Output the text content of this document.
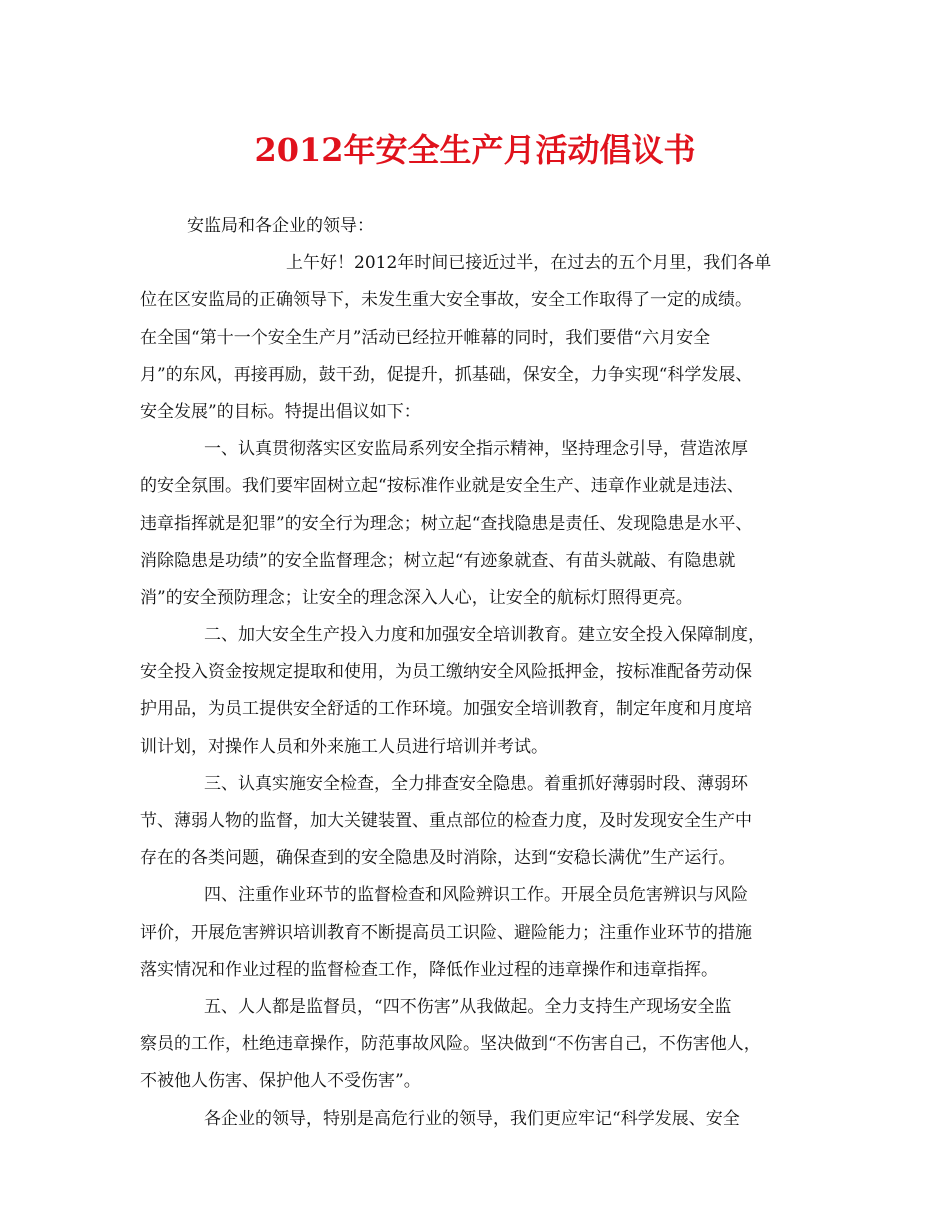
2012年安全生产月活动倡议书
安监局和各企业的领导：
上午好！2012年时间已接近过半，在过去的五个月里，我们各单
位在区安监局的正确领导下，未发生重大安全事故，安全工作取得了一定的成绩。
在全国“第十一个安全生产月”活动已经拉开帷幕的同时，我们要借“六月安全
月”的东风，再接再励，鼓干劲，促提升，抓基础，保安全，力争实现“科学发展、
安全发展”的目标。特提出倡议如下：
一、认真贯彻落实区安监局系列安全指示精神，坚持理念引导，营造浓厚
的安全氛围。我们要牢固树立起“按标准作业就是安全生产、违章作业就是违法、
违章指挥就是犯罪”的安全行为理念；树立起“查找隐患是责任、发现隐患是水平、
消除隐患是功绩”的安全监督理念；树立起“有迹象就查、有苗头就敲、有隐患就
消”的安全预防理念；让安全的理念深入人心，让安全的航标灯照得更亮。
二、加大安全生产投入力度和加强安全培训教育。建立安全投入保障制度，
安全投入资金按规定提取和使用，为员工缴纳安全风险抵押金，按标准配备劳动保
护用品，为员工提供安全舒适的工作环境。加强安全培训教育，制定年度和月度培
训计划，对操作人员和外来施工人员进行培训并考试。
三、认真实施安全检查，全力排查安全隐患。着重抓好薄弱时段、薄弱环
节、薄弱人物的监督，加大关键装置、重点部位的检查力度，及时发现安全生产中
存在的各类问题，确保查到的安全隐患及时消除，达到“安稳长满优”生产运行。
四、注重作业环节的监督检查和风险辨识工作。开展全员危害辨识与风险
评价，开展危害辨识培训教育不断提高员工识险、避险能力；注重作业环节的措施
落实情况和作业过程的监督检查工作，降低作业过程的违章操作和违章指挥。
五、人人都是监督员，“四不伤害”从我做起。全力支持生产现场安全监
察员的工作，杜绝违章操作，防范事故风险。坚决做到“不伤害自己，不伤害他人，
不被他人伤害、保护他人不受伤害”。
各企业的领导，特别是高危行业的领导，我们更应牢记“科学发展、安全
